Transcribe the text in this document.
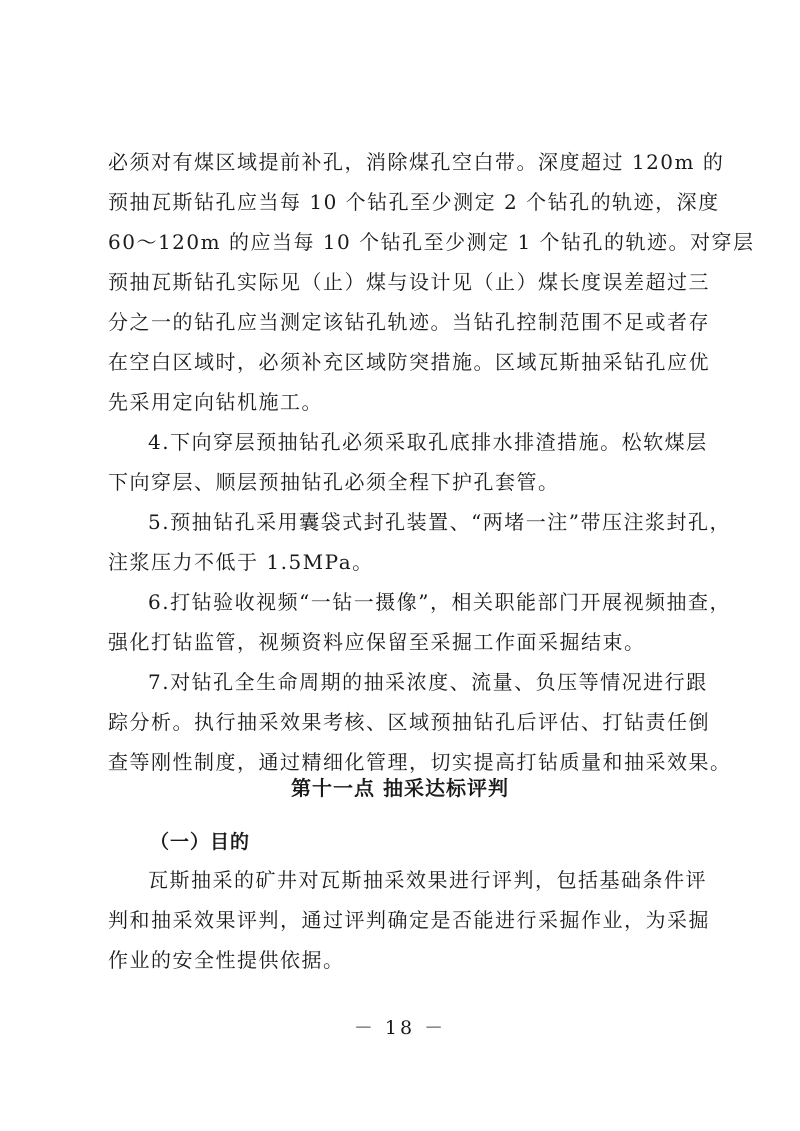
必须对有煤区域提前补孔，消除煤孔空白带。深度超过 120m 的
预抽瓦斯钻孔应当每 10 个钻孔至少测定 2 个钻孔的轨迹，深度
60～120m 的应当每 10 个钻孔至少测定 1 个钻孔的轨迹。对穿层
预抽瓦斯钻孔实际见（止）煤与设计见（止）煤长度误差超过三
分之一的钻孔应当测定该钻孔轨迹。当钻孔控制范围不足或者存
在空白区域时，必须补充区域防突措施。区域瓦斯抽采钻孔应优
先采用定向钻机施工。
4.下向穿层预抽钻孔必须采取孔底排水排渣措施。松软煤层
下向穿层、顺层预抽钻孔必须全程下护孔套管。
5.预抽钻孔采用囊袋式封孔装置、“两堵一注”带压注浆封孔，
注浆压力不低于 1.5MPa。
6.打钻验收视频“一钻一摄像”，相关职能部门开展视频抽查，
强化打钻监管，视频资料应保留至采掘工作面采掘结束。
7.对钻孔全生命周期的抽采浓度、流量、负压等情况进行跟
踪分析。执行抽采效果考核、区域预抽钻孔后评估、打钻责任倒
查等刚性制度，通过精细化管理，切实提高打钻质量和抽采效果。
第十一点 抽采达标评判
（一）目的
瓦斯抽采的矿井对瓦斯抽采效果进行评判，包括基础条件评
判和抽采效果评判，通过评判确定是否能进行采掘作业，为采掘
作业的安全性提供依据。
－ 18 －
